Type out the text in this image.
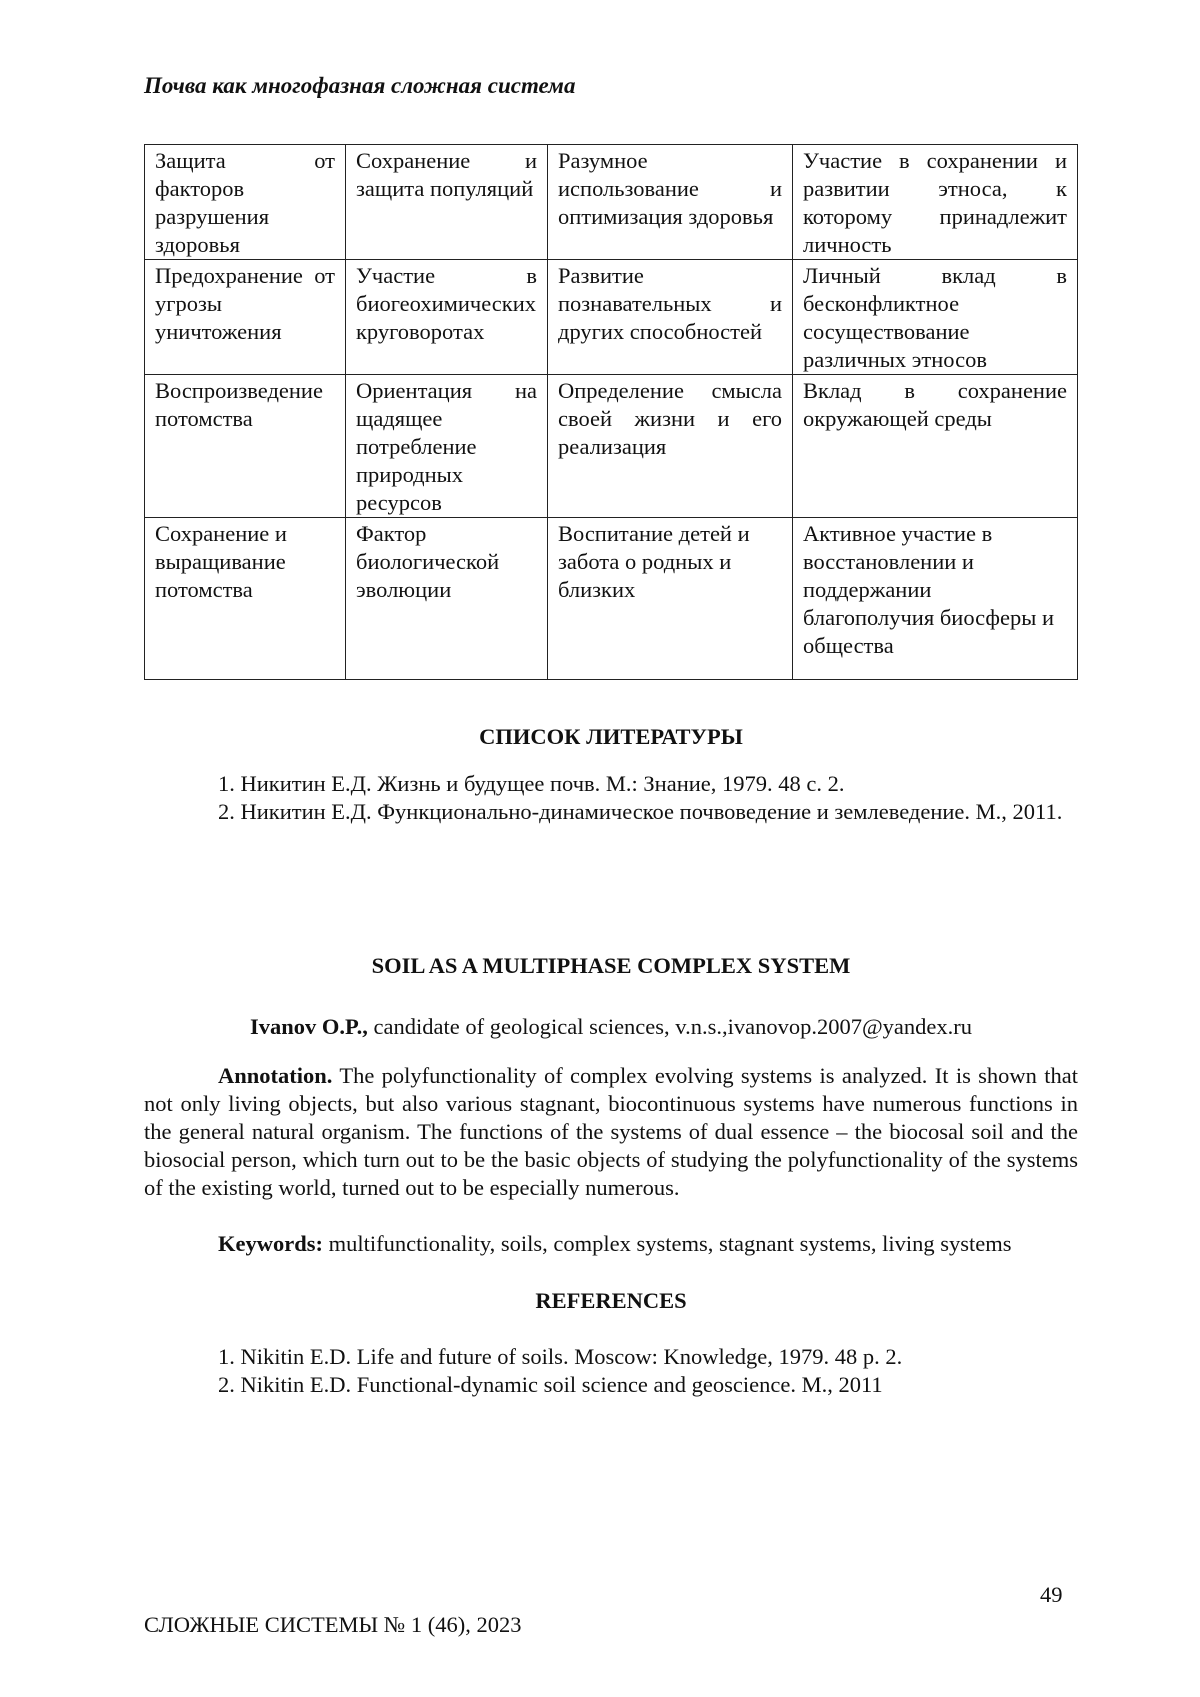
Почва как многофазная сложная система
Защита от факторов разрушения здоровья	Сохранение и защита популяций	Разумное использование и оптимизация здоровья	Участие в сохранении и развитии этноса, к которому принадлежит личность
Предохранение от угрозы уничтожения	Участие в биогеохимических круговоротах	Развитие познавательных и других способностей	Личный вклад в бесконфликтное сосуществование различных этносов
Воспроизведение потомства	Ориентация на щадящее потребление природных ресурсов	Определение смысла своей жизни и его реализация	Вклад в сохранение окружающей среды
Сохранение и выращивание потомства	Фактор биологической эволюции	Воспитание детей и забота о родных и близких	Активное участие в восстановлении и поддержании благополучия биосферы и общества
СПИСОК ЛИТЕРАТУРЫ
1. Никитин Е.Д. Жизнь и будущее почв. М.: Знание, 1979. 48 с. 2.
2. Никитин Е.Д. Функционально-динамическое почвоведение и землеведение. М., 2011.
SOIL AS A MULTIPHASE COMPLEX SYSTEM
Ivanov O.P., candidate of geological sciences, v.n.s.,ivanovop.2007@yandex.ru
Annotation. The polyfunctionality of complex evolving systems is analyzed. It is shown that not only living objects, but also various stagnant, biocontinuous systems have numerous functions in the general natural organism. The functions of the systems of dual essence – the biocosal soil and the biosocial person, which turn out to be the basic objects of studying the polyfunctionality of the systems of the existing world, turned out to be especially numerous.
Keywords: multifunctionality, soils, complex systems, stagnant systems, living systems
REFERENCES
1. Nikitin E.D. Life and future of soils. Moscow: Knowledge, 1979. 48 p. 2.
2. Nikitin E.D. Functional-dynamic soil science and geoscience. M., 2011
49
СЛОЖНЫЕ СИСТЕМЫ № 1 (46), 2023
